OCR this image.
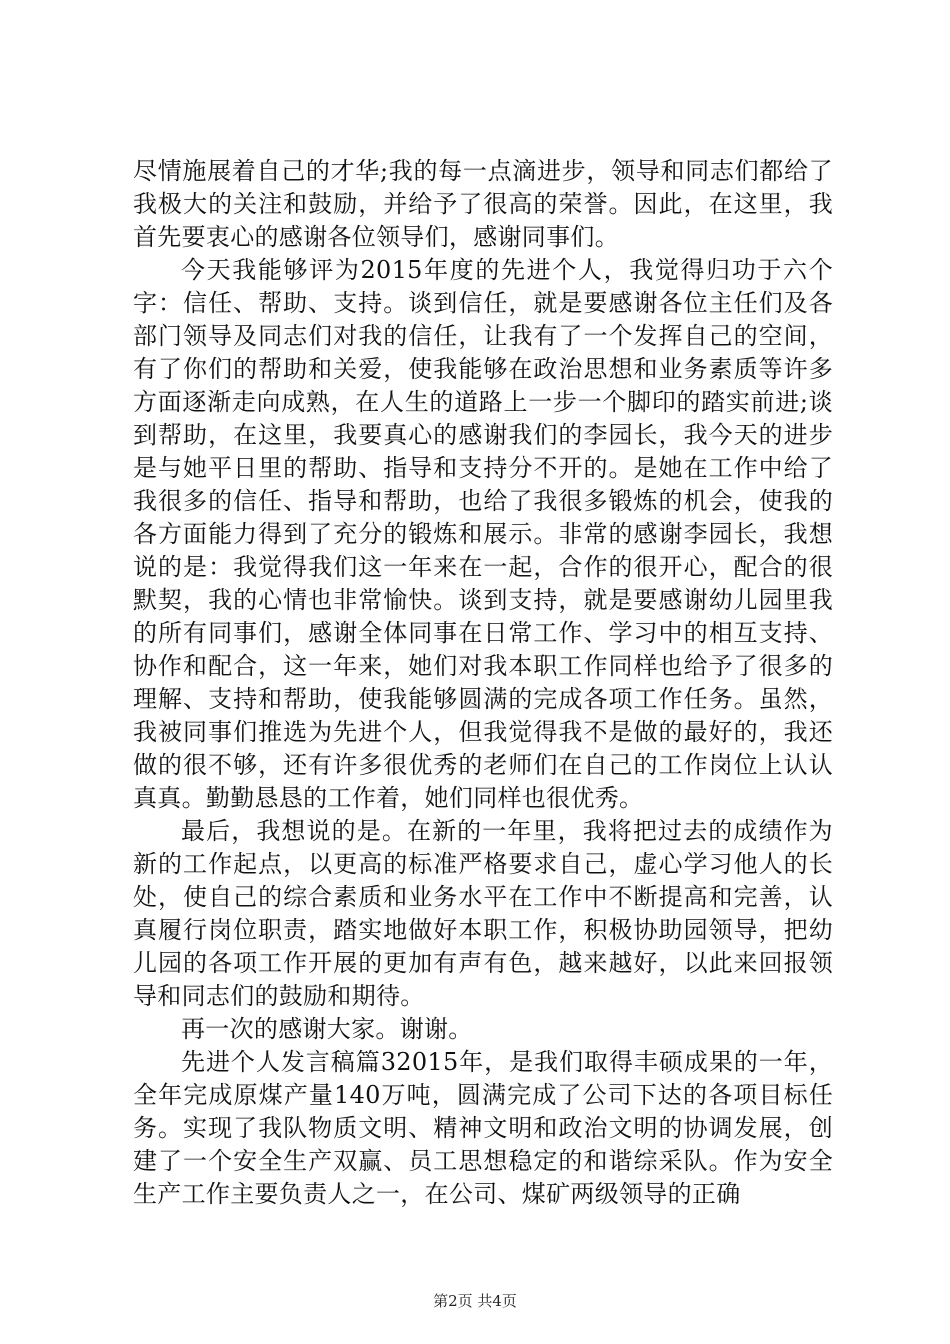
尽情施展着自己的才华;我的每一点滴进步，领导和同志们都给了我极大的关注和鼓励，并给予了很高的荣誉。因此，在这里，我首先要衷心的感谢各位领导们，感谢同事们。

今天我能够评为2015年度的先进个人，我觉得归功于六个字：信任、帮助、支持。谈到信任，就是要感谢各位主任们及各部门领导及同志们对我的信任，让我有了一个发挥自己的空间，有了你们的帮助和关爱，使我能够在政治思想和业务素质等许多方面逐渐走向成熟，在人生的道路上一步一个脚印的踏实前进;谈到帮助，在这里，我要真心的感谢我们的李园长，我今天的进步是与她平日里的帮助、指导和支持分不开的。是她在工作中给了我很多的信任、指导和帮助，也给了我很多锻炼的机会，使我的各方面能力得到了充分的锻炼和展示。非常的感谢李园长，我想说的是：我觉得我们这一年来在一起，合作的很开心，配合的很默契，我的心情也非常愉快。谈到支持，就是要感谢幼儿园里我的所有同事们，感谢全体同事在日常工作、学习中的相互支持、协作和配合，这一年来，她们对我本职工作同样也给予了很多的理解、支持和帮助，使我能够圆满的完成各项工作任务。虽然，我被同事们推选为先进个人，但我觉得我不是做的最好的，我还做的很不够，还有许多很优秀的老师们在自己的工作岗位上认认真真。勤勤恳恳的工作着，她们同样也很优秀。

最后，我想说的是。在新的一年里，我将把过去的成绩作为新的工作起点，以更高的标准严格要求自己，虚心学习他人的长处，使自己的综合素质和业务水平在工作中不断提高和完善，认真履行岗位职责，踏实地做好本职工作，积极协助园领导，把幼儿园的各项工作开展的更加有声有色，越来越好，以此来回报领导和同志们的鼓励和期待。

再一次的感谢大家。谢谢。

先进个人发言稿篇32015年，是我们取得丰硕成果的一年，全年完成原煤产量140万吨，圆满完成了公司下达的各项目标任务。实现了我队物质文明、精神文明和政治文明的协调发展，创建了一个安全生产双赢、员工思想稳定的和谐综采队。作为安全生产工作主要负责人之一，在公司、煤矿两级领导的正确

第2页 共4页
